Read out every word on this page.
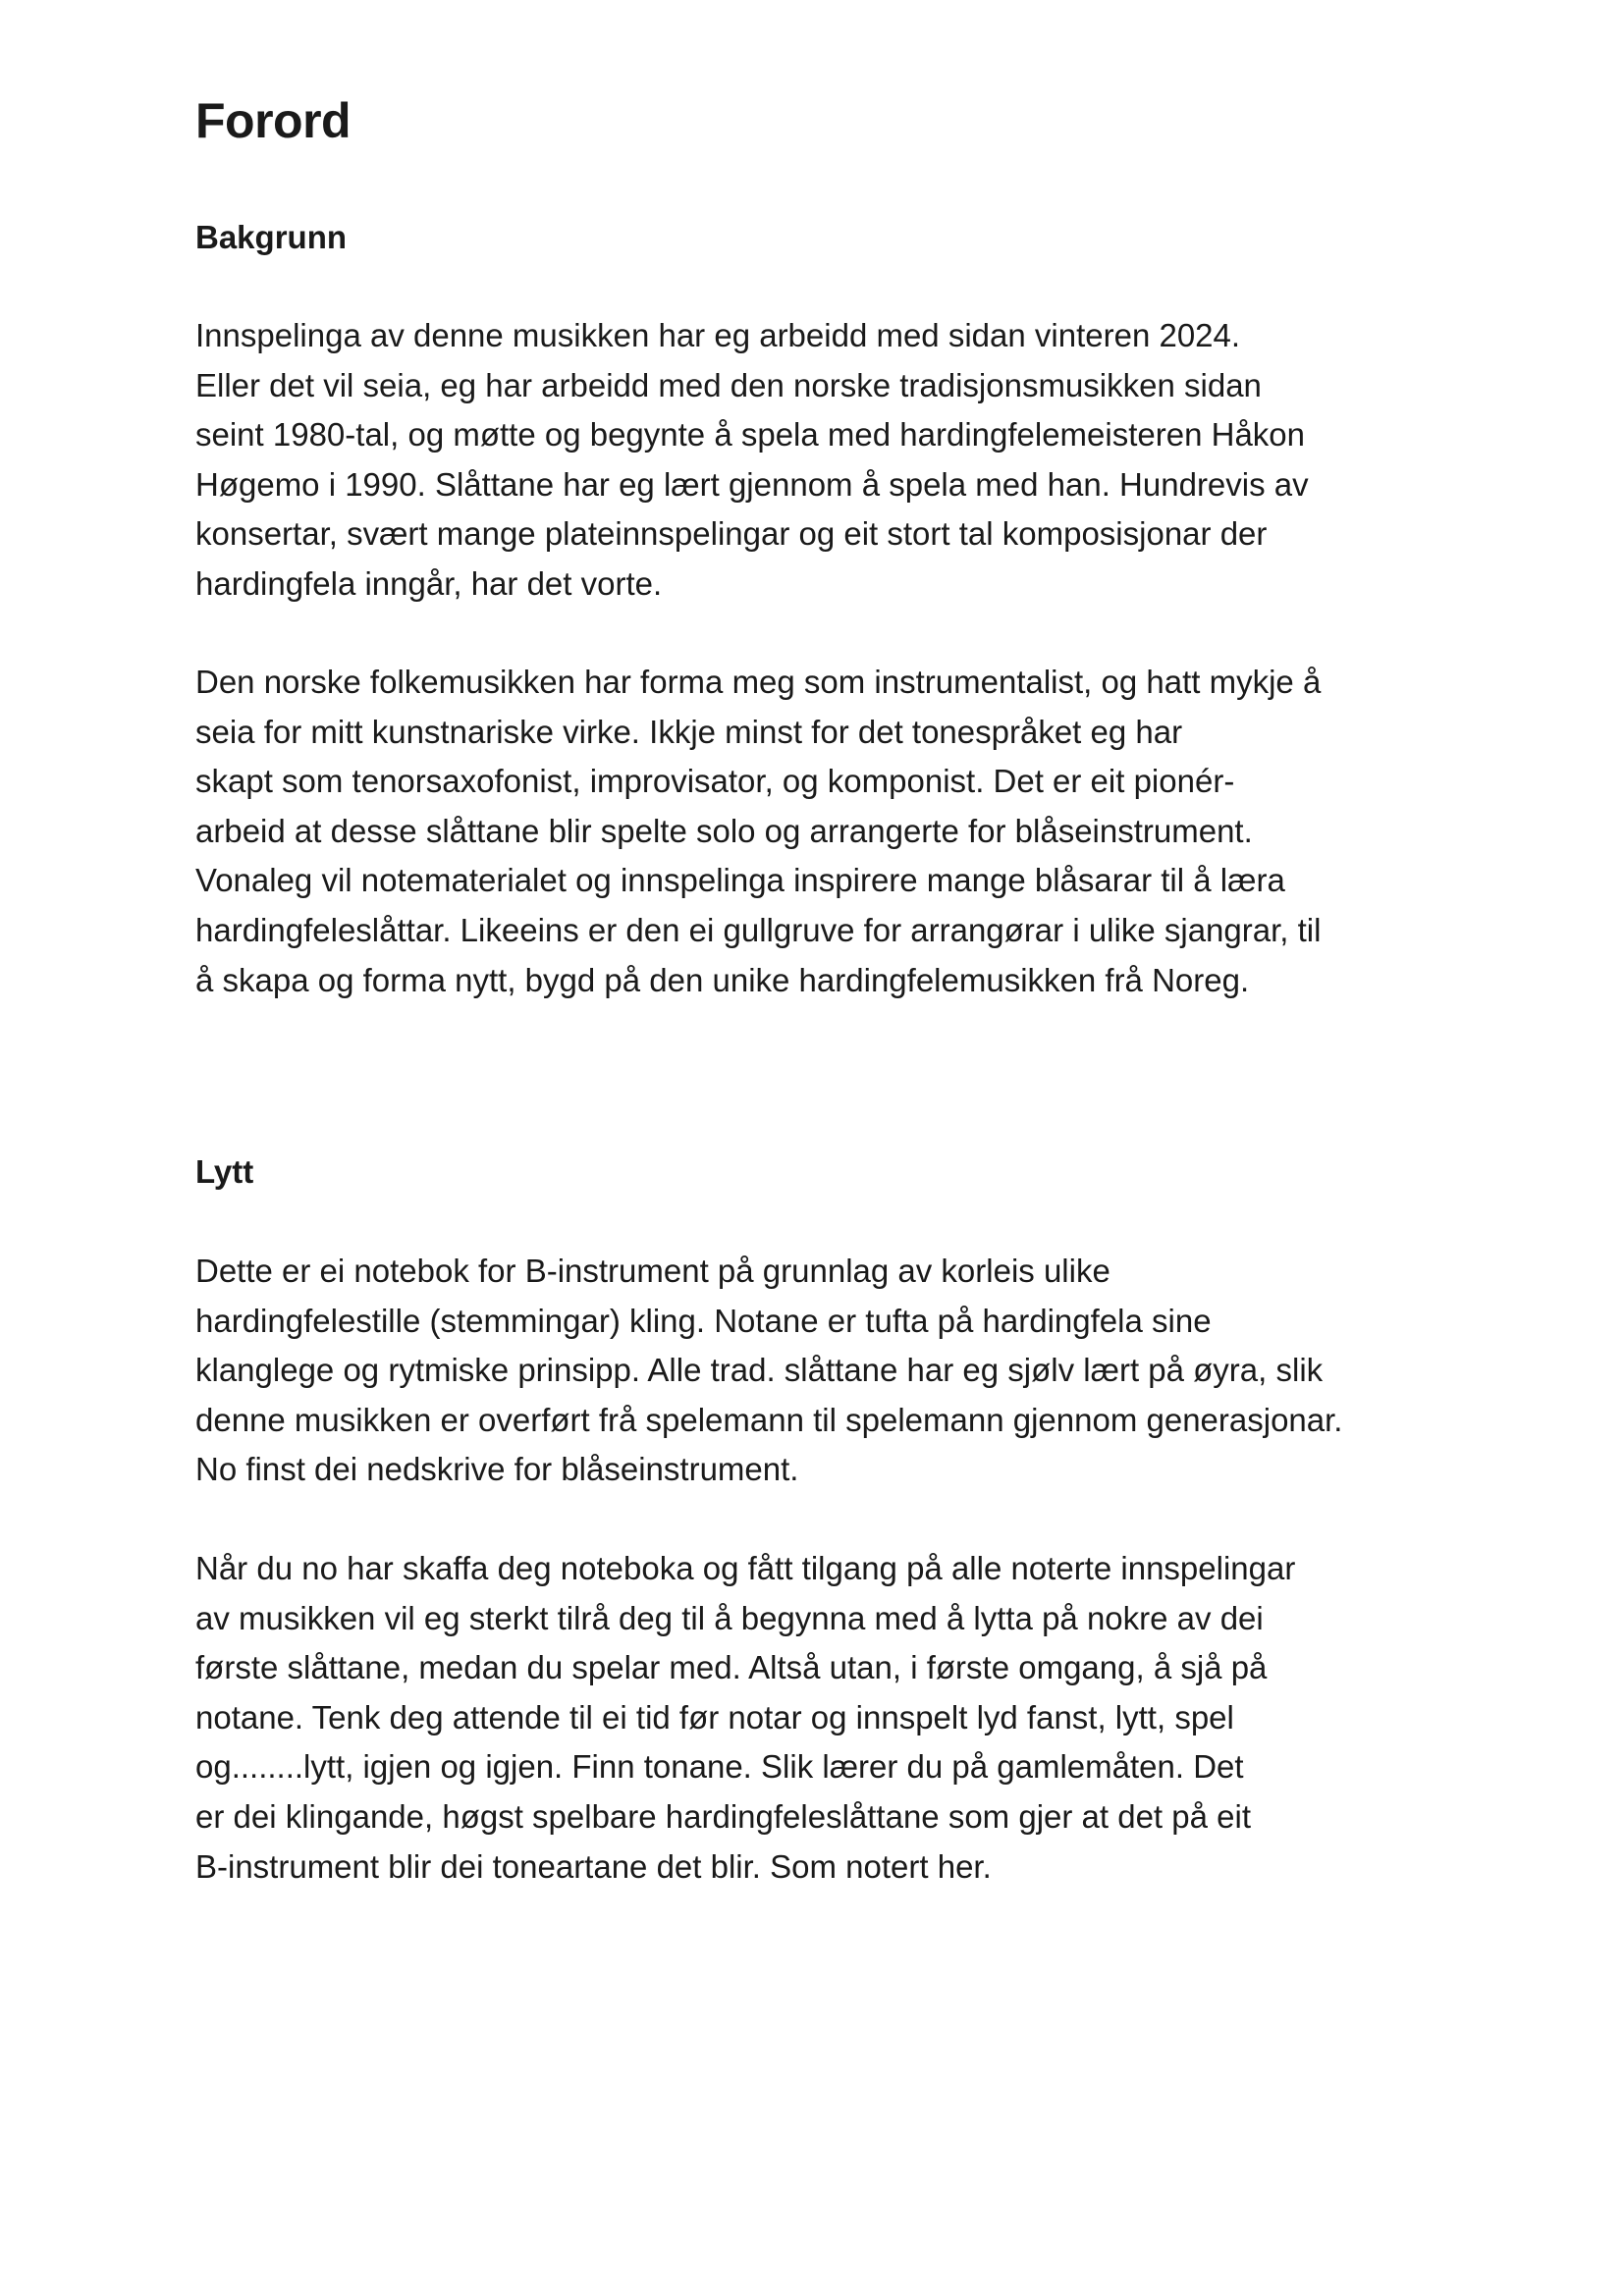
Forord
Bakgrunn
Innspelinga av denne musikken har eg arbeidd med sidan vinteren 2024.
Eller det vil seia, eg har arbeidd med den norske tradisjonsmusikken sidan
seint 1980-tal, og møtte og begynte å spela med hardingfelemeisteren Håkon
Høgemo i 1990. Slåttane har eg lært gjennom å spela med han. Hundrevis av
konsertar, svært mange plateinnspelingar og eit stort tal komposisjonar der
hardingfela inngår, har det vorte.
Den norske folkemusikken har forma meg som instrumentalist, og hatt mykje å
seia for mitt kunstnariske virke. Ikkje minst for det tonespråket eg har
skapt som tenorsaxofonist, improvisator, og komponist. Det er eit pionér-
arbeid at desse slåttane blir spelte solo og arrangerte for blåseinstrument.
Vonaleg vil notematerialet og innspelinga inspirere mange blåsarar til å læra
hardingfeleslåttar. Likeeins er den ei gullgruve for arrangørar i ulike sjangrar, til
å skapa og forma nytt, bygd på den unike hardingfelemusikken frå Noreg.
Lytt
Dette er ei notebok for B-instrument på grunnlag av korleis ulike
hardingfelestille (stemmingar) kling. Notane er tufta på hardingfela sine
klanglege og rytmiske prinsipp. Alle trad. slåttane har eg sjølv lært på øyra, slik
denne musikken er overført frå spelemann til spelemann gjennom generasjonar.
No finst dei nedskrive for blåseinstrument.
Når du no har skaffa deg noteboka og fått tilgang på alle noterte innspelingar
av musikken vil eg sterkt tilrå deg til å begynna med å lytta på nokre av dei
første slåttane, medan du spelar med. Altså utan, i første omgang, å sjå på
notane. Tenk deg attende til ei tid før notar og innspelt lyd fanst, lytt, spel
og........lytt, igjen og igjen. Finn tonane. Slik lærer du på gamlemåten. Det
er dei klingande, høgst spelbare hardingfeleslåttane som gjer at det på eit
B-instrument blir dei toneartane det blir. Som notert her.
